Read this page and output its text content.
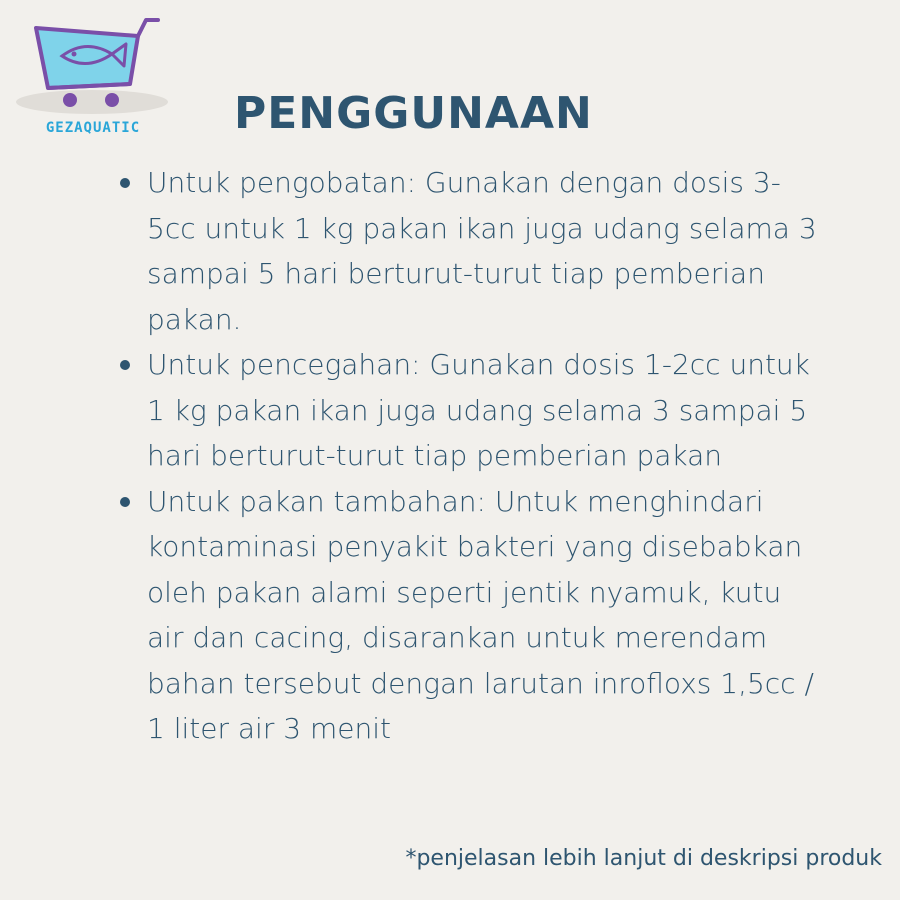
GEZAQUATIC	PENGGUNAAN
Untuk pengobatan: Gunakan dengan dosis 3-5cc untuk 1 kg pakan ikan juga udang selama 3 sampai 5 hari berturut-turut tiap pemberian pakan.
Untuk pencegahan: Gunakan dosis 1-2cc untuk 1 kg pakan ikan juga udang selama 3 sampai 5 hari berturut-turut tiap pemberian pakan
Untuk pakan tambahan: Untuk menghindari kontaminasi penyakit bakteri yang disebabkan oleh pakan alami seperti jentik nyamuk, kutu air dan cacing, disarankan untuk merendam bahan tersebut dengan larutan inrofloxs 1,5cc / 1 liter air 3 menit
*penjelasan lebih lanjut di deskripsi produk
